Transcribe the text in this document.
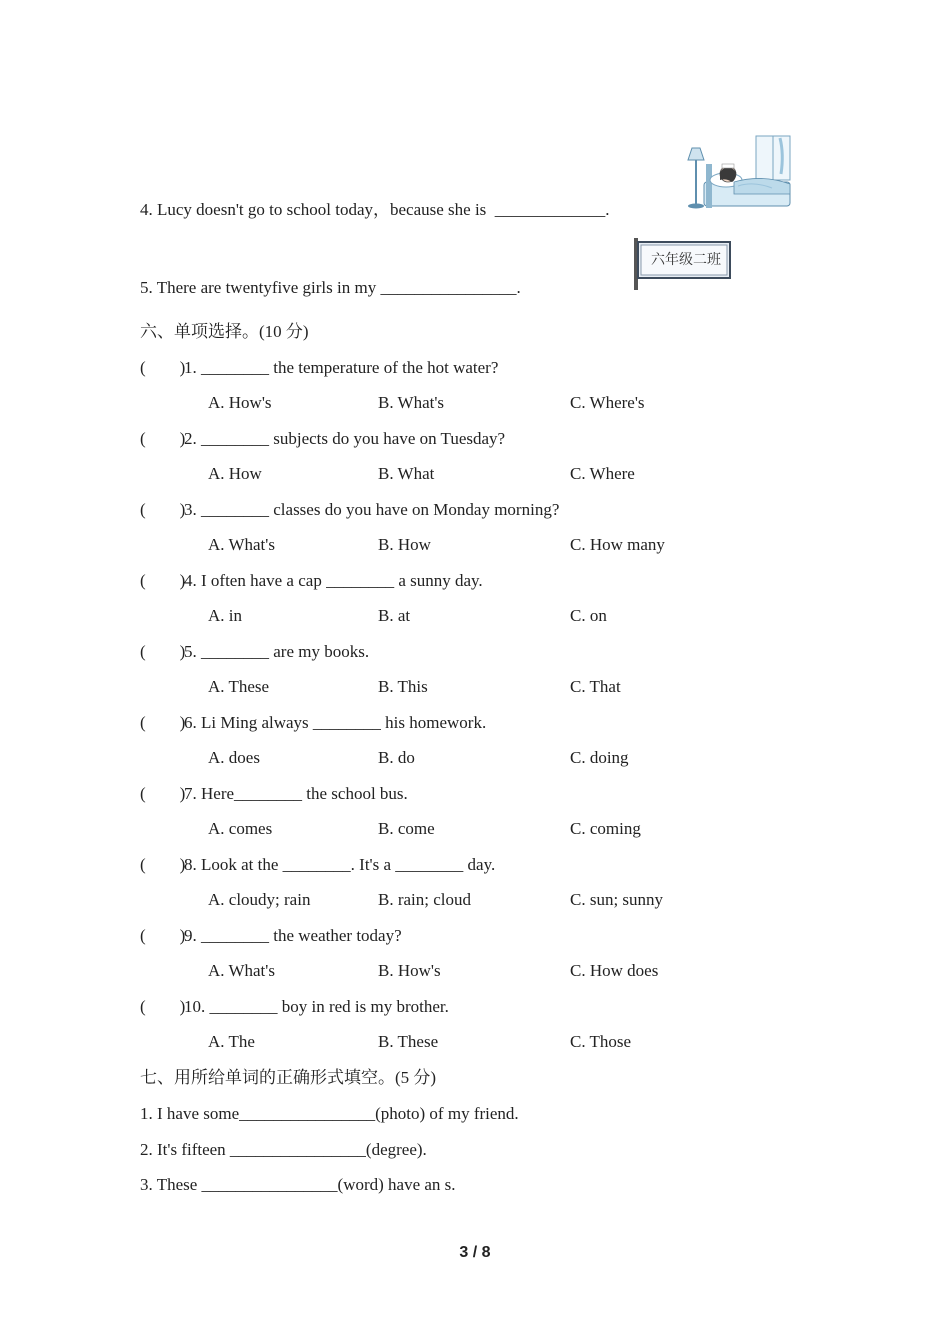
4. Lucy doesn't go to school today，because she is  _____________.
5. There are twentyfive girls in my ________________.
六年级二班
六、单项选择。(10 分)
(        )
1. ________ the temperature of the hot water?
A. How's	B. What's	C. Where's
(        )
2. ________ subjects do you have on Tuesday?
A. How	B. What	C. Where
(        )
3. ________ classes do you have on Monday morning?
A. What's	B. How	C. How many
(        )
4. I often have a cap ________ a sunny day.
A. in	B. at	C. on
(        )
5. ________ are my books.
A. These	B. This	C. That
(        )
6. Li Ming always ________ his homework.
A. does	B. do	C. doing
(        )
7. Here________ the school bus.
A. comes	B. come	C. coming
(        )
8. Look at the ________. It's a ________ day.
A. cloudy; rain	B. rain; cloud	C. sun; sunny
(        )
9. ________ the weather today?
A. What's	B. How's	C. How does
(        )
10. ________ boy in red is my brother.
A. The	B. These	C. Those
七、用所给单词的正确形式填空。(5 分)
1. I have some________________(photo) of my friend.
2. It's fifteen ________________(degree).
3. These ________________(word) have an s.
3 / 8
